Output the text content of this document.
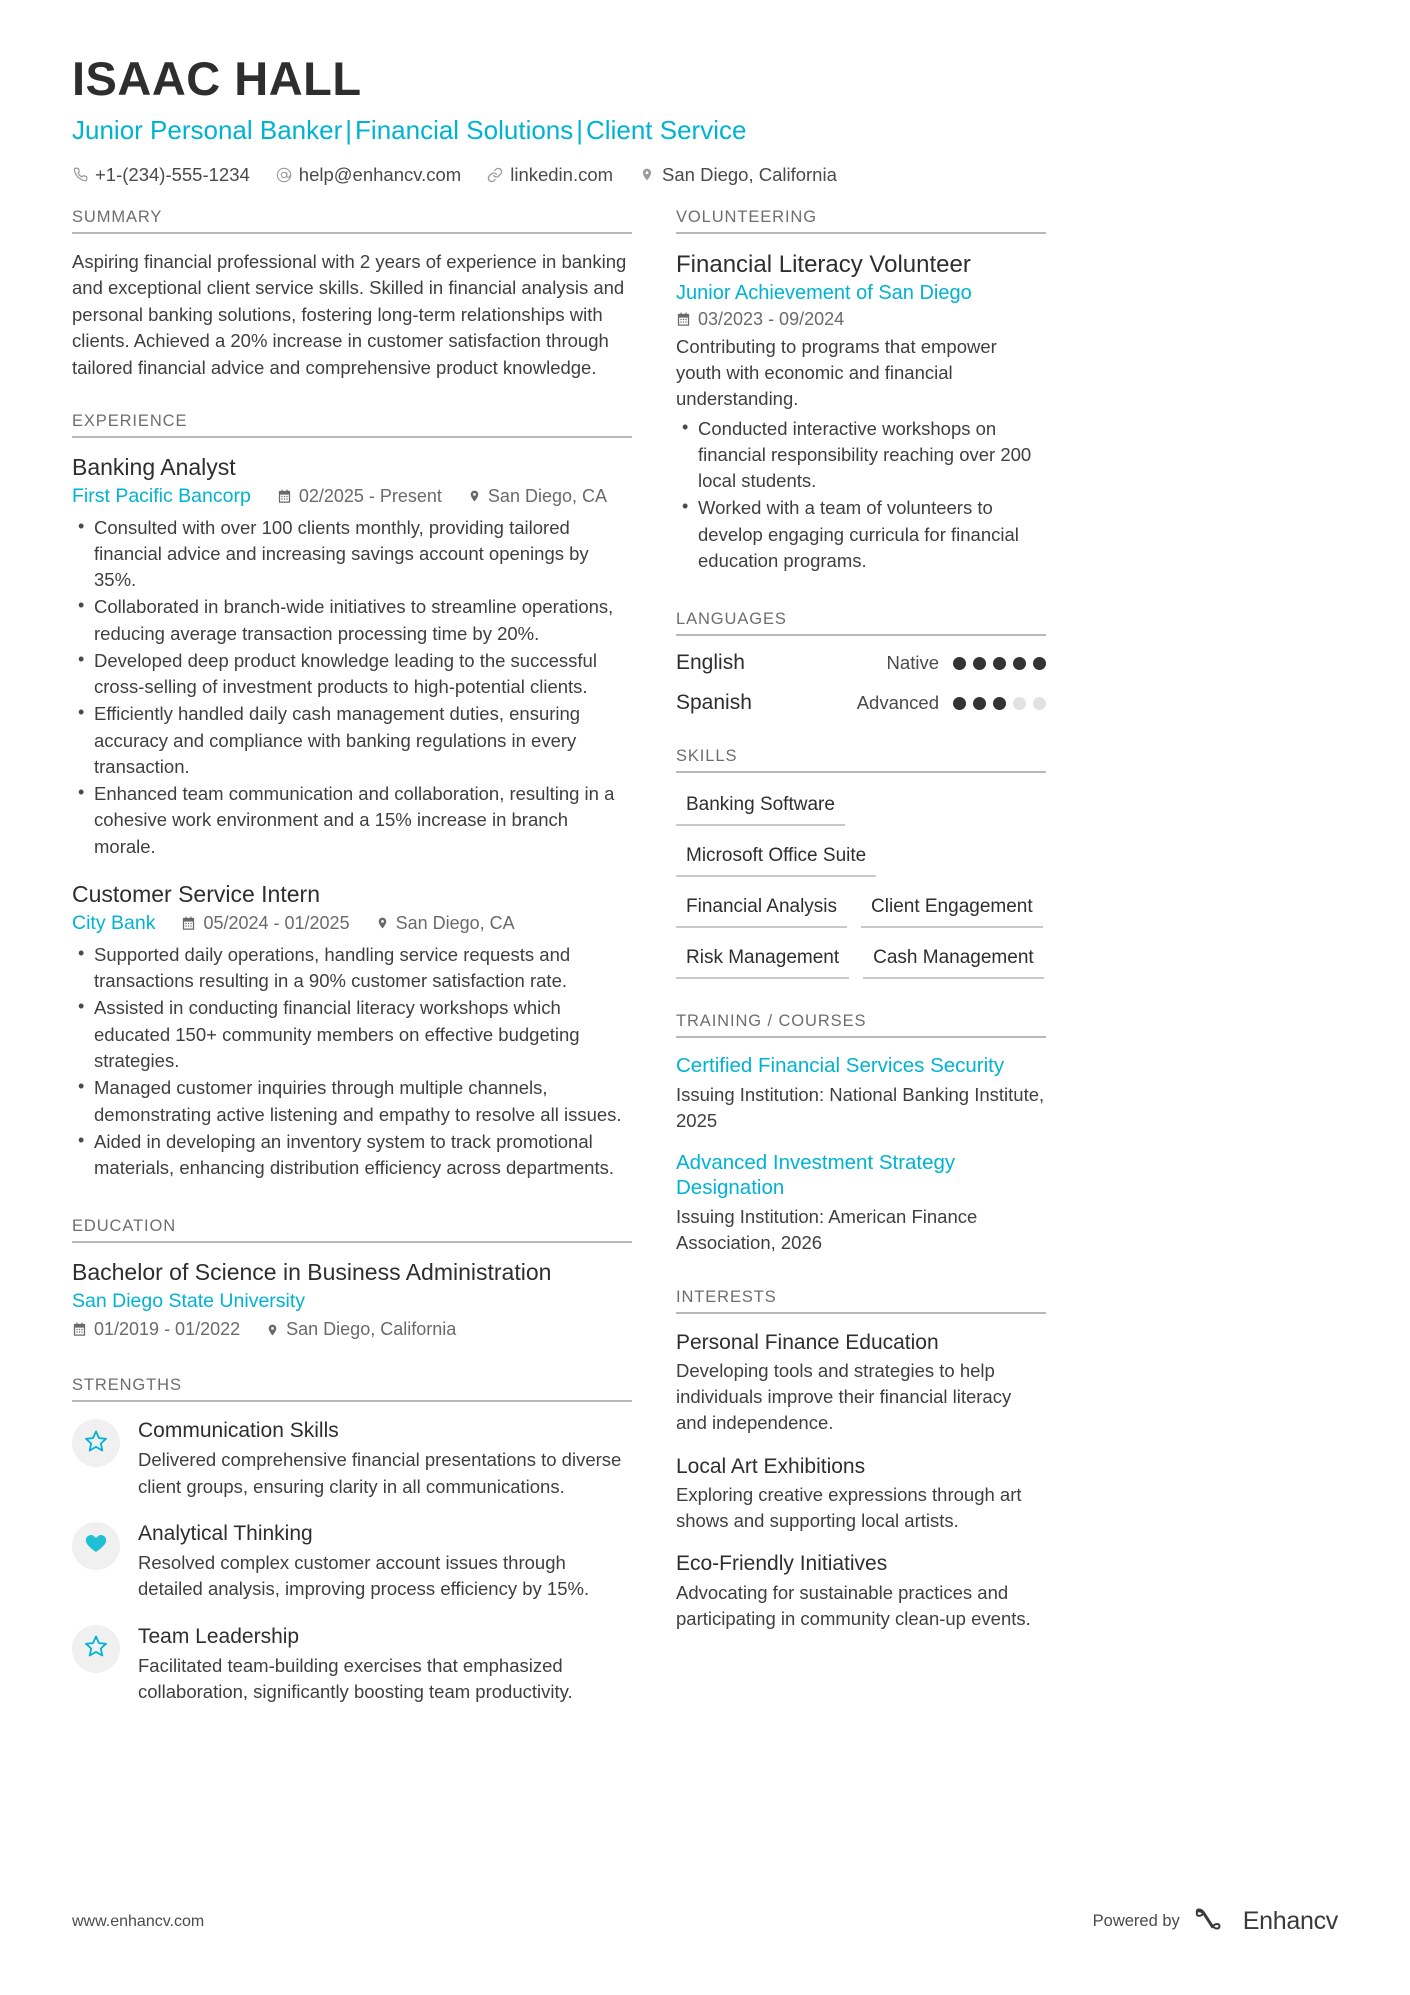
ISAAC HALL
Junior Personal Banker | Financial Solutions | Client Service
+1-(234)-555-1234	help@enhancv.com	linkedin.com	San Diego, California
SUMMARY
Aspiring financial professional with 2 years of experience in banking and exceptional client service skills. Skilled in financial analysis and personal banking solutions, fostering long-term relationships with clients. Achieved a 20% increase in customer satisfaction through tailored financial advice and comprehensive product knowledge.
EXPERIENCE
Banking Analyst
First Pacific Bancorp	02/2025 - Present	San Diego, CA
• Consulted with over 100 clients monthly, providing tailored financial advice and increasing savings account openings by 35%.
• Collaborated in branch-wide initiatives to streamline operations, reducing average transaction processing time by 20%.
• Developed deep product knowledge leading to the successful cross-selling of investment products to high-potential clients.
• Efficiently handled daily cash management duties, ensuring accuracy and compliance with banking regulations in every transaction.
• Enhanced team communication and collaboration, resulting in a cohesive work environment and a 15% increase in branch morale.
Customer Service Intern
City Bank	05/2024 - 01/2025	San Diego, CA
• Supported daily operations, handling service requests and transactions resulting in a 90% customer satisfaction rate.
• Assisted in conducting financial literacy workshops which educated 150+ community members on effective budgeting strategies.
• Managed customer inquiries through multiple channels, demonstrating active listening and empathy to resolve all issues.
• Aided in developing an inventory system to track promotional materials, enhancing distribution efficiency across departments.
EDUCATION
Bachelor of Science in Business Administration
San Diego State University
01/2019 - 01/2022	San Diego, California
STRENGTHS
Communication Skills
Delivered comprehensive financial presentations to diverse client groups, ensuring clarity in all communications.
Analytical Thinking
Resolved complex customer account issues through detailed analysis, improving process efficiency by 15%.
Team Leadership
Facilitated team-building exercises that emphasized collaboration, significantly boosting team productivity.
VOLUNTEERING
Financial Literacy Volunteer
Junior Achievement of San Diego
03/2023 - 09/2024
Contributing to programs that empower youth with economic and financial understanding.
• Conducted interactive workshops on financial responsibility reaching over 200 local students.
• Worked with a team of volunteers to develop engaging curricula for financial education programs.
LANGUAGES
English	Native
Spanish	Advanced
SKILLS
Banking Software
Microsoft Office Suite
Financial Analysis	Client Engagement
Risk Management	Cash Management
TRAINING / COURSES
Certified Financial Services Security
Issuing Institution: National Banking Institute, 2025
Advanced Investment Strategy Designation
Issuing Institution: American Finance Association, 2026
INTERESTS
Personal Finance Education
Developing tools and strategies to help individuals improve their financial literacy and independence.
Local Art Exhibitions
Exploring creative expressions through art shows and supporting local artists.
Eco-Friendly Initiatives
Advocating for sustainable practices and participating in community clean-up events.
www.enhancv.com	Powered by	Enhancv
